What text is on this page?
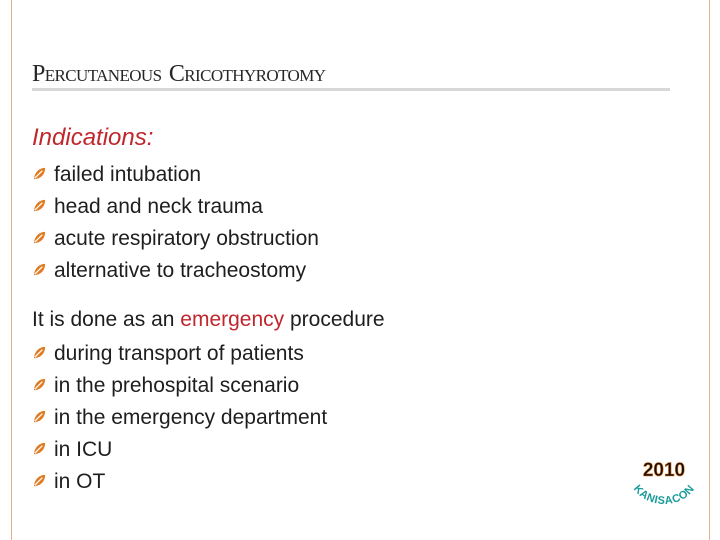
PERCUTANEOUS CRICOTHYROTOMY
Indications:
failed intubation
head and neck trauma
acute respiratory obstruction
alternative to tracheostomy
It is done as an emergency procedure
during transport of patients
in the prehospital scenario
in the emergency department
in ICU
in OT	2010
KANISACON
